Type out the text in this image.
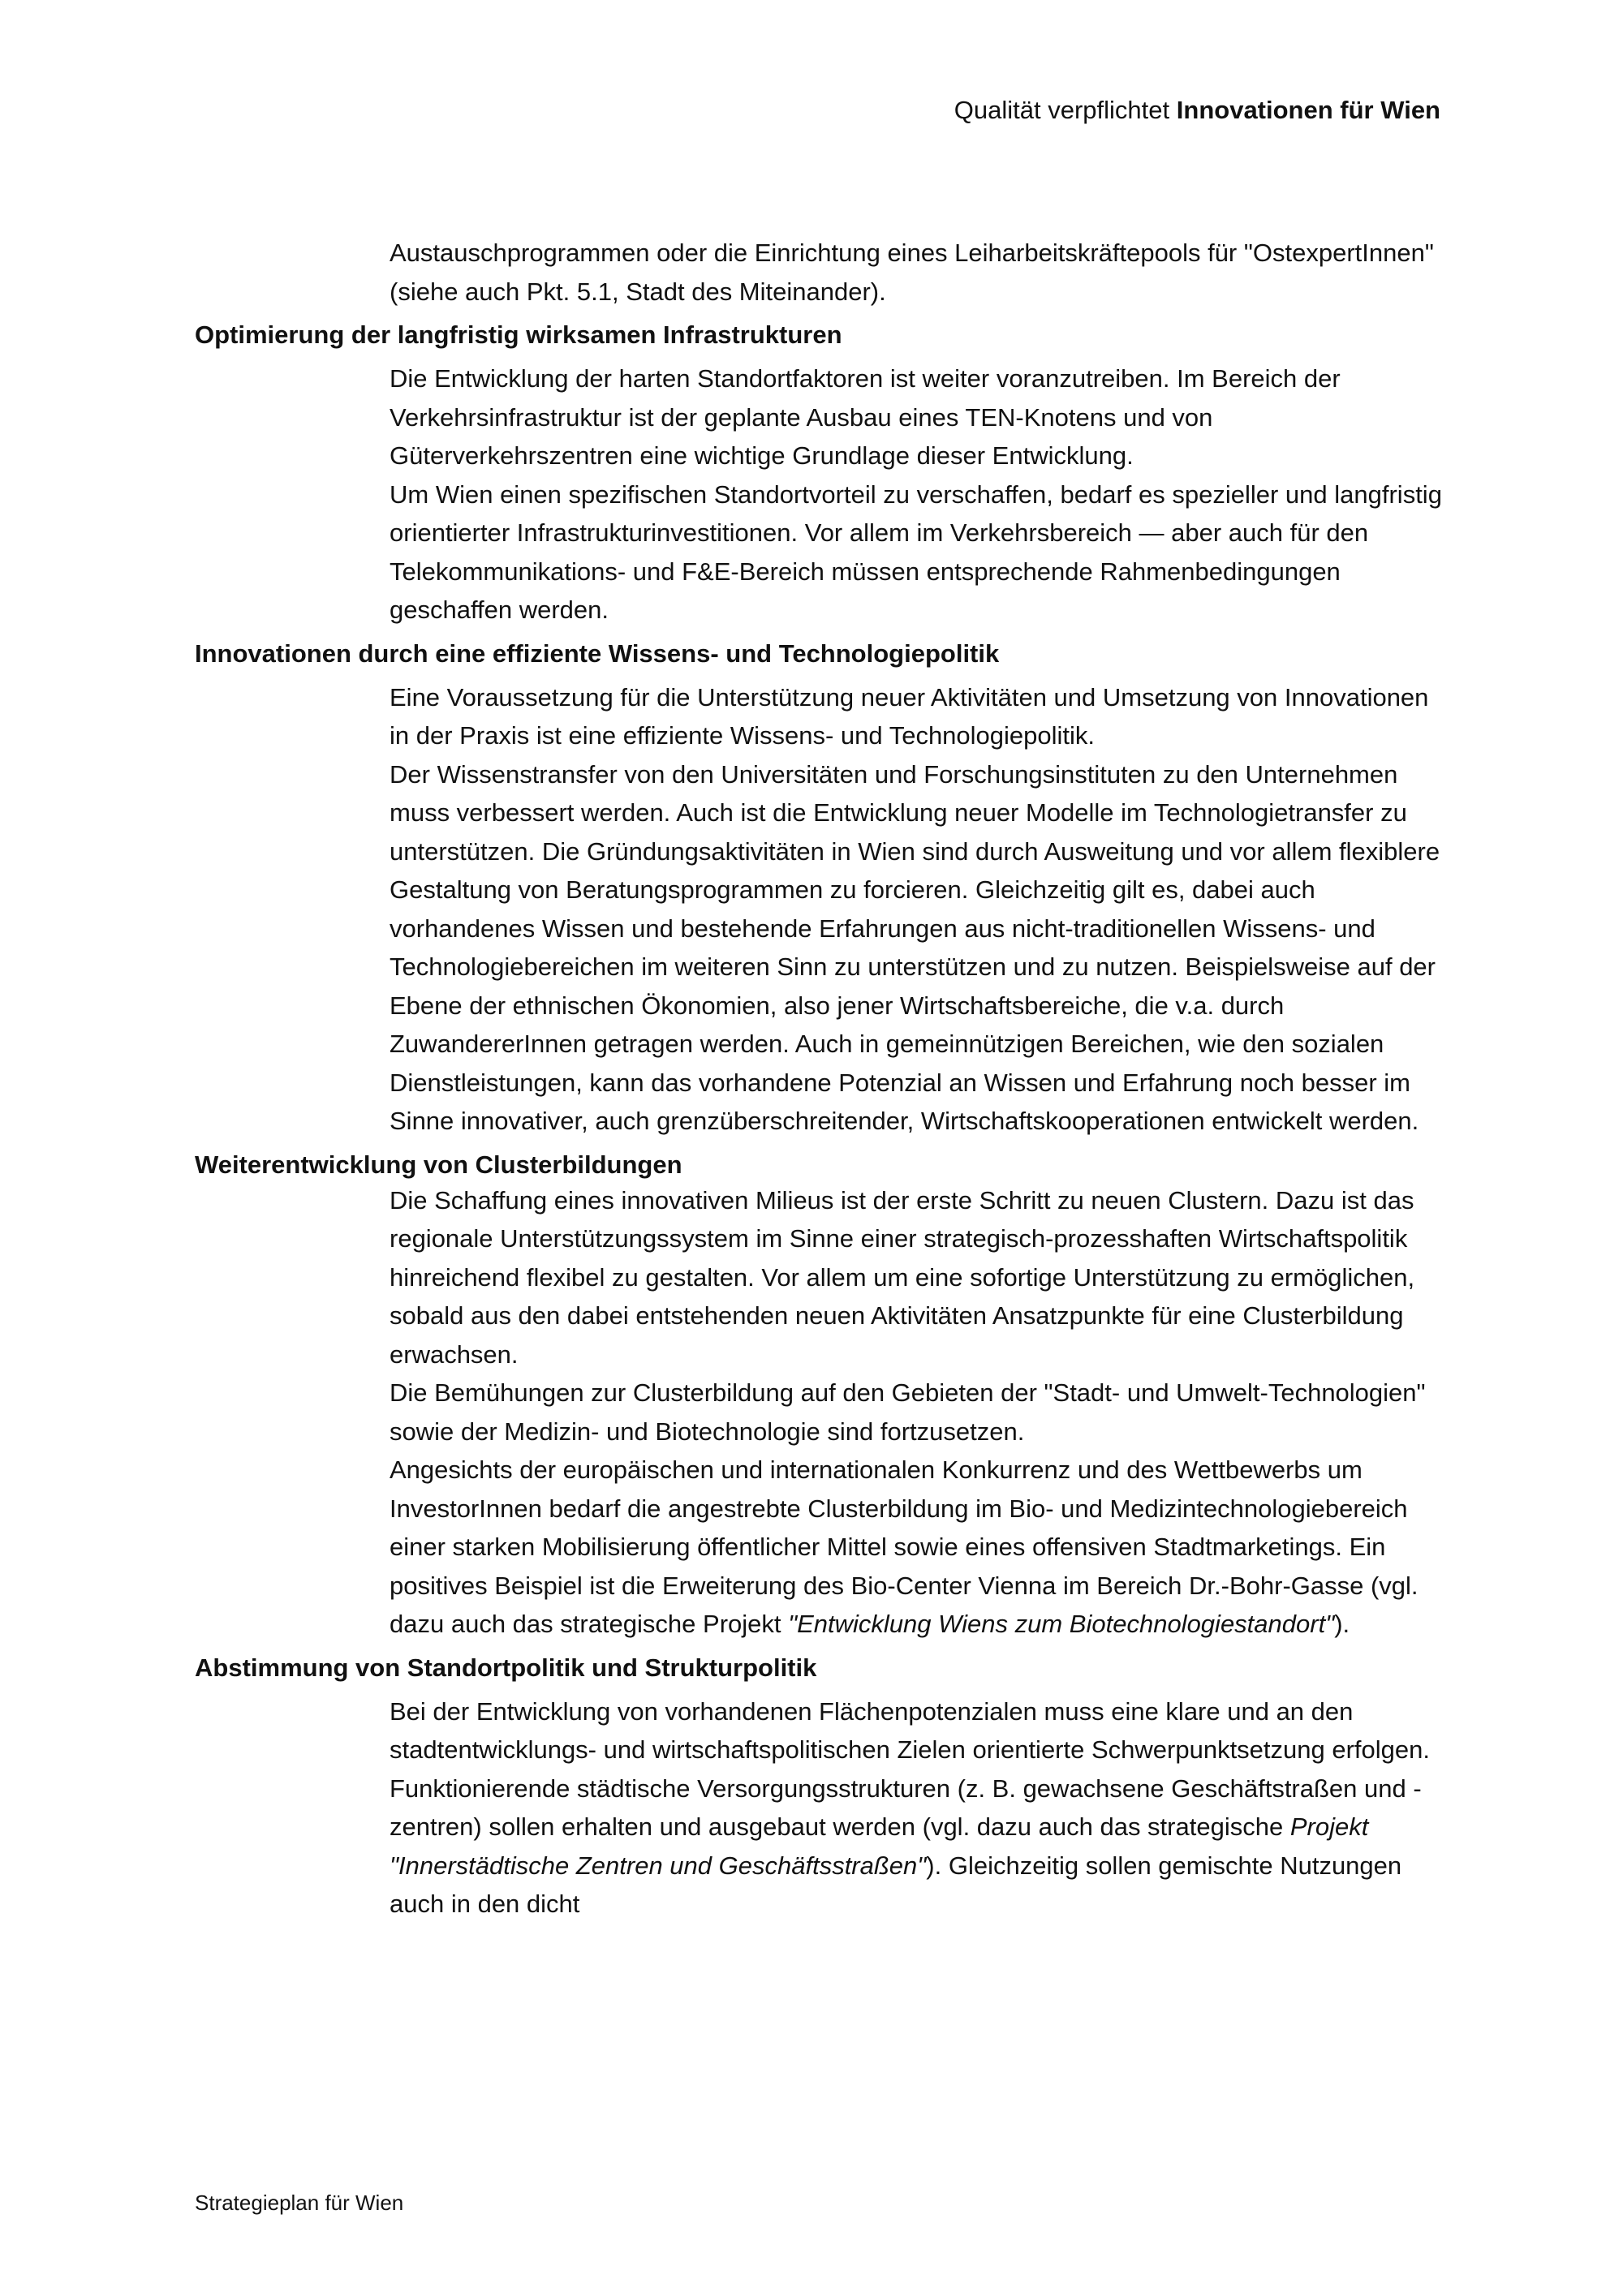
Qualität verpflichtet Innovationen für Wien

Austauschprogrammen oder die Einrichtung eines Leiharbeitskräftepools für "OstexpertInnen" (siehe auch Pkt. 5.1, Stadt des Miteinander).

Optimierung der langfristig wirksamen Infrastrukturen

Die Entwicklung der harten Standortfaktoren ist weiter voranzutreiben. Im Bereich der Verkehrsinfrastruktur ist der geplante Ausbau eines TEN-Knotens und von Güterverkehrszentren eine wichtige Grundlage dieser Entwicklung.

Um Wien einen spezifischen Standortvorteil zu verschaffen, bedarf es spezieller und langfristig orientierter Infrastrukturinvestitionen. Vor allem im Verkehrsbereich — aber auch für den Telekommunikations- und F&E-Bereich müssen entsprechende Rahmenbedingungen geschaffen werden.

Innovationen durch eine effiziente Wissens- und Technologiepolitik

Eine Voraussetzung für die Unterstützung neuer Aktivitäten und Umsetzung von Innovationen in der Praxis ist eine effiziente Wissens- und Technologiepolitik.

Der Wissenstransfer von den Universitäten und Forschungsinstituten zu den Unternehmen muss verbessert werden. Auch ist die Entwicklung neuer Modelle im Technologietransfer zu unterstützen. Die Gründungsaktivitäten in Wien sind durch Ausweitung und vor allem flexiblere Gestaltung von Beratungsprogrammen zu forcieren. Gleichzeitig gilt es, dabei auch vorhandenes Wissen und bestehende Erfahrungen aus nicht-traditionellen Wissens- und Technologiebereichen im weiteren Sinn zu unterstützen und zu nutzen. Beispielsweise auf der Ebene der ethnischen Ökonomien, also jener Wirtschaftsbereiche, die v.a. durch ZuwandererInnen getragen werden. Auch in gemeinnützigen Bereichen, wie den sozialen Dienstleistungen, kann das vorhandene Potenzial an Wissen und Erfahrung noch besser im Sinne innovativer, auch grenzüberschreitender, Wirtschaftskooperationen entwickelt werden.

Weiterentwicklung von Clusterbildungen

Die Schaffung eines innovativen Milieus ist der erste Schritt zu neuen Clustern. Dazu ist das regionale Unterstützungssystem im Sinne einer strategisch-prozesshaften Wirtschaftspolitik hinreichend flexibel zu gestalten. Vor allem um eine sofortige Unterstützung zu ermöglichen, sobald aus den dabei entstehenden neuen Aktivitäten Ansatzpunkte für eine Clusterbildung erwachsen.

Die Bemühungen zur Clusterbildung auf den Gebieten der "Stadt- und Umwelt-Technologien" sowie der Medizin- und Biotechnologie sind fortzusetzen.

Angesichts der europäischen und internationalen Konkurrenz und des Wettbewerbs um InvestorInnen bedarf die angestrebte Clusterbildung im Bio- und Medizintechnologiebereich einer starken Mobilisierung öffentlicher Mittel sowie eines offensiven Stadtmarketings. Ein positives Beispiel ist die Erweiterung des Bio-Center Vienna im Bereich Dr.-Bohr-Gasse (vgl. dazu auch das strategische Projekt "Entwicklung Wiens zum Biotechnologiestandort").

Abstimmung von Standortpolitik und Strukturpolitik

Bei der Entwicklung von vorhandenen Flächenpotenzialen muss eine klare und an den stadtentwicklungs- und wirtschaftspolitischen Zielen orientierte Schwerpunktsetzung erfolgen. Funktionierende städtische Versorgungsstrukturen (z. B. gewachsene Geschäftstraßen und -zentren) sollen erhalten und ausgebaut werden (vgl. dazu auch das strategische Projekt "Innerstädtische Zentren und Geschäftsstraßen"). Gleichzeitig sollen gemischte Nutzungen auch in den dicht

Strategieplan für Wien
